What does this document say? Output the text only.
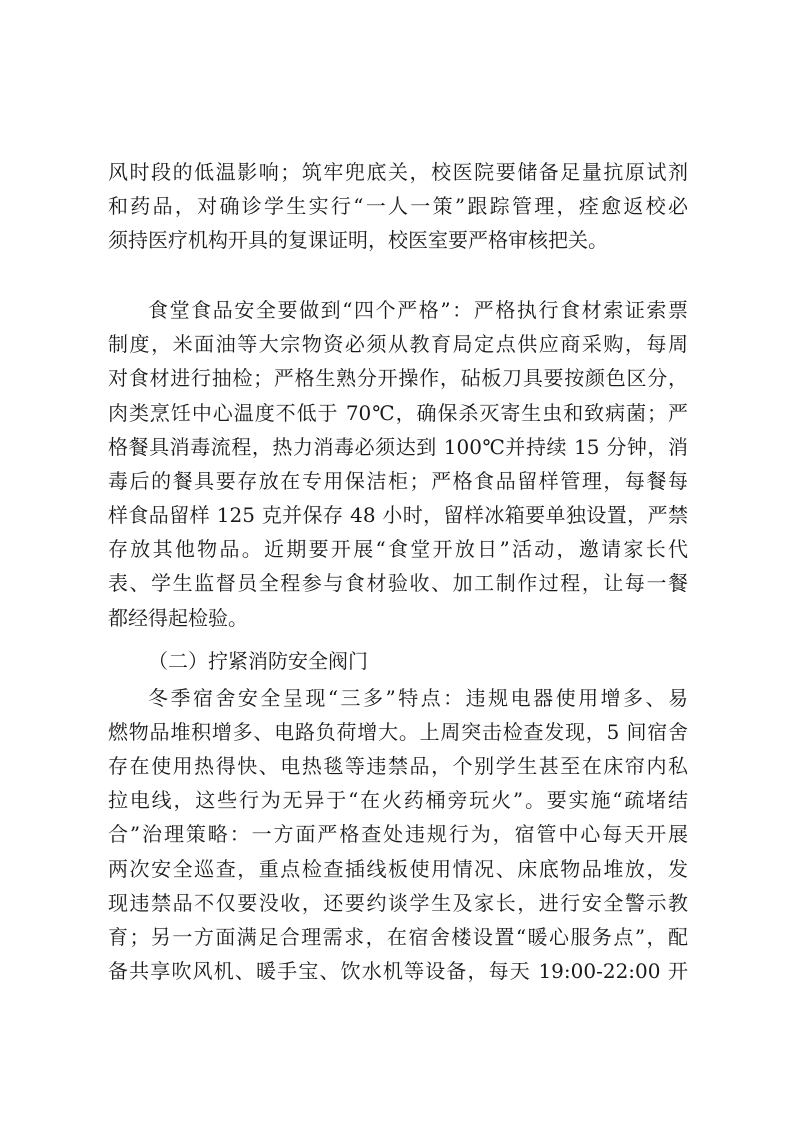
风时段的低温影响；筑牢兜底关，校医院要储备足量抗原试剂
和药品，对确诊学生实行“一人一策”跟踪管理，痊愈返校必
须持医疗机构开具的复课证明，校医室要严格审核把关。
食堂食品安全要做到“四个严格”：严格执行食材索证索票
制度，米面油等大宗物资必须从教育局定点供应商采购，每周
对食材进行抽检；严格生熟分开操作，砧板刀具要按颜色区分，
肉类烹饪中心温度不低于 70℃，确保杀灭寄生虫和致病菌；严
格餐具消毒流程，热力消毒必须达到 100℃并持续 15 分钟，消
毒后的餐具要存放在专用保洁柜；严格食品留样管理，每餐每
样食品留样 125 克并保存 48 小时，留样冰箱要单独设置，严禁
存放其他物品。近期要开展“食堂开放日”活动，邀请家长代
表、学生监督员全程参与食材验收、加工制作过程，让每一餐
都经得起检验。
（二）拧紧消防安全阀门
冬季宿舍安全呈现“三多”特点：违规电器使用增多、易
燃物品堆积增多、电路负荷增大。上周突击检查发现，5 间宿舍
存在使用热得快、电热毯等违禁品，个别学生甚至在床帘内私
拉电线，这些行为无异于“在火药桶旁玩火”。要实施“疏堵结
合”治理策略：一方面严格查处违规行为，宿管中心每天开展
两次安全巡查，重点检查插线板使用情况、床底物品堆放，发
现违禁品不仅要没收，还要约谈学生及家长，进行安全警示教
育；另一方面满足合理需求，在宿舍楼设置“暖心服务点”，配
备共享吹风机、暖手宝、饮水机等设备，每天 19:00-22:00 开
